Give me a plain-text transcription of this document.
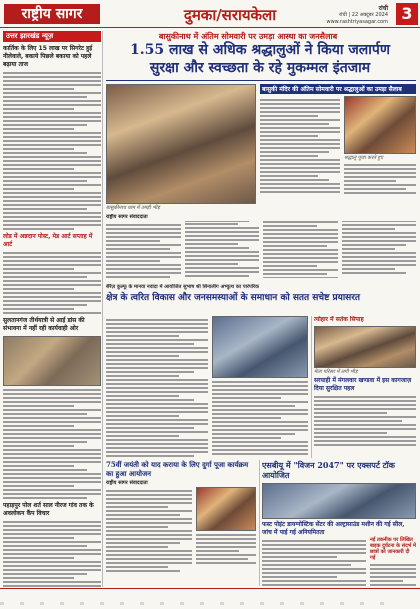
राष्ट्रीय सागर	दुमका/सरायकेला	रांची
रांची | 22 अक्टूबर 2024
www.rashtriyasagar.com 3
उत्तर झारखंड न्यूज़
कार्तिक के लिए 15 लाख पर सिगरेट हुई नीलेवाले, बकाये पिछले बकाया को पहले बढ़ाया ताज
लोड में अन्नदान पोस्ट, मेड आर्ट सप्ताह में आर्ट
सुलतानगंज तीर्थयात्री से आई डांस की संभावना में नहीं रही कार्यवाही ओर
पहाड़पुर पोल शर्त साल नीरज गांव तक के अवलोकन कैंप विचार
बासुकीनाथ में अंतिम सोमवारी पर उमड़ा आस्था का जनसैलाब
1.55 लाख से अधिक श्रद्धालुओं ने किया जलार्पण
सुरक्षा और स्वच्छता के रहे मुकम्मल इंतजाम
बासुकीनाथ धाम में उमड़ी भीड़
बासुकी मंदिर की अंतिम सोमवारी पर श्रद्धालुओं का उमड़ा सैलाब
श्रद्धालु पूजा करते हुए
राष्ट्रीय सागर संवाददाता
सैरैंज़ कुल्फू के मानवा नवादा में आयोजित सुभाष श्री सिनालीग अभ्युत्थ का पारंपरिक
क्षेत्र के त्वरित विकास और जनसमस्याओं के समाधान को सतत सचेष्ट प्रयासरत
त्योहार में सर्तक सिपाह
मेला परिसर में लगी भीड़
सरयाही में मंगलवार खण्डवा में इस कागजाज़ दिया सुरक्षित पहल
75वीं जयंती को याद कराया के लिए दुर्गा पूजा कार्यक्रम का हुआ आयोजन
राष्ट्रीय सागर संवाददाता
एसबीयू में "विजन 2047" पर एक्सपर्ट टॉक आयोजित
फस्ट पोइंट डायग्नोस्टिक सेंटर की अल्ट्रासाउंड मशीन की गई सील, जांच में पाई गई अनियमितता
नई तकनीक पर लिखित बाइक दुर्घटना के संदर्भ में छात्रों को जानकारी दी गई
